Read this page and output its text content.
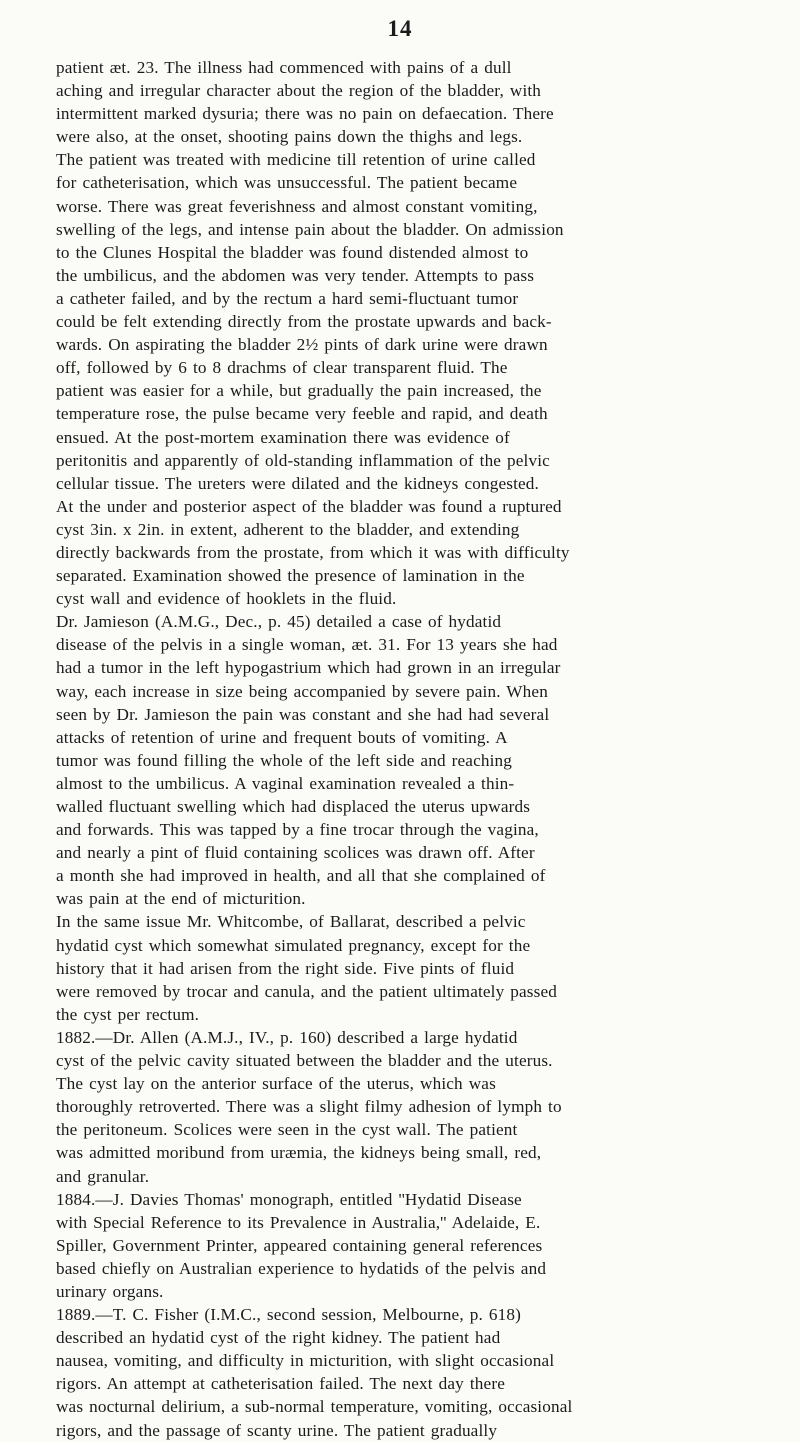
14
patient æt. 23. The illness had commenced with pains of a dull
aching and irregular character about the region of the bladder, with
intermittent marked dysuria; there was no pain on defaecation. There
were also, at the onset, shooting pains down the thighs and legs.
The patient was treated with medicine till retention of urine called
for catheterisation, which was unsuccessful. The patient became
worse. There was great feverishness and almost constant vomiting,
swelling of the legs, and intense pain about the bladder. On admission
to the Clunes Hospital the bladder was found distended almost to
the umbilicus, and the abdomen was very tender. Attempts to pass
a catheter failed, and by the rectum a hard semi-fluctuant tumor
could be felt extending directly from the prostate upwards and back-
wards. On aspirating the bladder 2½ pints of dark urine were drawn
off, followed by 6 to 8 drachms of clear transparent fluid. The
patient was easier for a while, but gradually the pain increased, the
temperature rose, the pulse became very feeble and rapid, and death
ensued. At the post-mortem examination there was evidence of
peritonitis and apparently of old-standing inflammation of the pelvic
cellular tissue. The ureters were dilated and the kidneys congested.
At the under and posterior aspect of the bladder was found a ruptured
cyst 3in. x 2in. in extent, adherent to the bladder, and extending
directly backwards from the prostate, from which it was with difficulty
separated. Examination showed the presence of lamination in the
cyst wall and evidence of hooklets in the fluid.
Dr. Jamieson (A.M.G., Dec., p. 45) detailed a case of hydatid
disease of the pelvis in a single woman, æt. 31. For 13 years she had
had a tumor in the left hypogastrium which had grown in an irregular
way, each increase in size being accompanied by severe pain. When
seen by Dr. Jamieson the pain was constant and she had had several
attacks of retention of urine and frequent bouts of vomiting. A
tumor was found filling the whole of the left side and reaching
almost to the umbilicus. A vaginal examination revealed a thin-
walled fluctuant swelling which had displaced the uterus upwards
and forwards. This was tapped by a fine trocar through the vagina,
and nearly a pint of fluid containing scolices was drawn off. After
a month she had improved in health, and all that she complained of
was pain at the end of micturition.
In the same issue Mr. Whitcombe, of Ballarat, described a pelvic
hydatid cyst which somewhat simulated pregnancy, except for the
history that it had arisen from the right side. Five pints of fluid
were removed by trocar and canula, and the patient ultimately passed
the cyst per rectum.
1882.—Dr. Allen (A.M.J., IV., p. 160) described a large hydatid
cyst of the pelvic cavity situated between the bladder and the uterus.
The cyst lay on the anterior surface of the uterus, which was
thoroughly retroverted. There was a slight filmy adhesion of lymph to
the peritoneum. Scolices were seen in the cyst wall. The patient
was admitted moribund from uræmia, the kidneys being small, red,
and granular.
1884.—J. Davies Thomas' monograph, entitled ''Hydatid Disease
with Special Reference to its Prevalence in Australia,'' Adelaide, E.
Spiller, Government Printer, appeared containing general references
based chiefly on Australian experience to hydatids of the pelvis and
urinary organs.
1889.—T. C. Fisher (I.M.C., second session, Melbourne, p. 618)
described an hydatid cyst of the right kidney. The patient had
nausea, vomiting, and difficulty in micturition, with slight occasional
rigors. An attempt at catheterisation failed. The next day there
was nocturnal delirium, a sub-normal temperature, vomiting, occasional
rigors, and the passage of scanty urine. The patient gradually
